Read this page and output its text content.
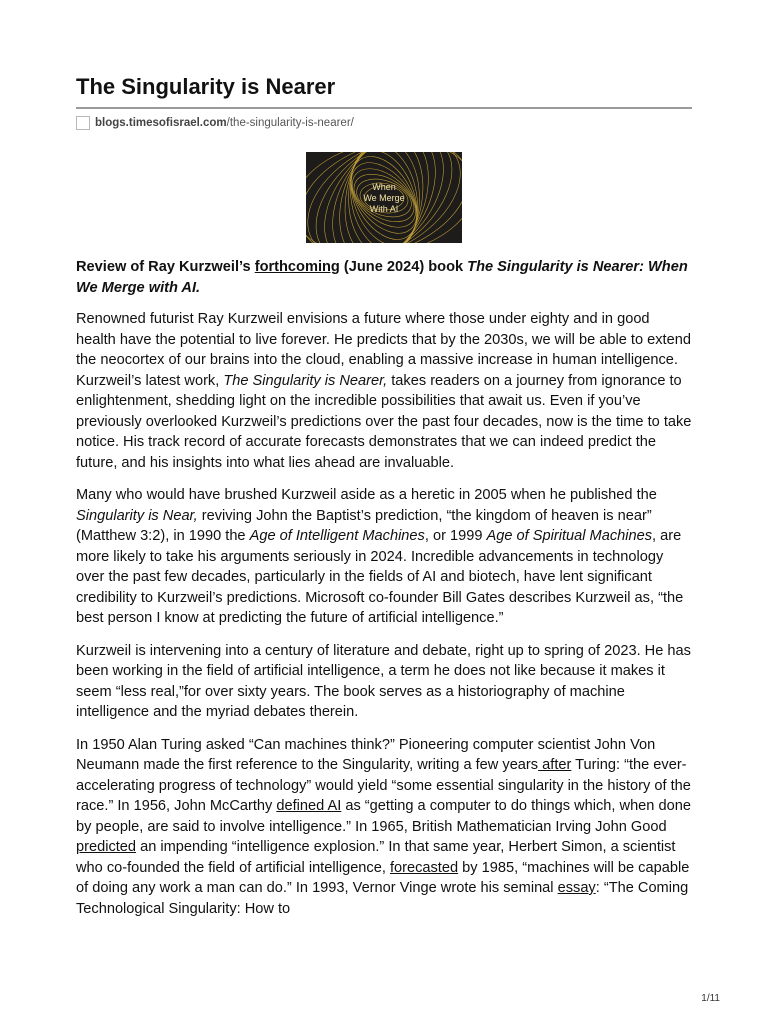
The Singularity is Nearer
blogs.timesofisrael.com /the-singularity-is-nearer/
When
We Merge
With AI

Review of Ray Kurzweil’s forthcoming (June 2024) book The Singularity is Nearer: When We Merge with AI.

Renowned futurist Ray Kurzweil envisions a future where those under eighty and in good health have the potential to live forever. He predicts that by the 2030s, we will be able to extend the neocortex of our brains into the cloud, enabling a massive increase in human intelligence. Kurzweil’s latest work, The Singularity is Nearer, takes readers on a journey from ignorance to enlightenment, shedding light on the incredible possibilities that await us. Even if you’ve previously overlooked Kurzweil’s predictions over the past four decades, now is the time to take notice. His track record of accurate forecasts demonstrates that we can indeed predict the future, and his insights into what lies ahead are invaluable.

Many who would have brushed Kurzweil aside as a heretic in 2005 when he published the Singularity is Near, reviving John the Baptist’s prediction, “the kingdom of heaven is near” (Matthew 3:2), in 1990 the Age of Intelligent Machines, or 1999 Age of Spiritual Machines, are more likely to take his arguments seriously in 2024. Incredible advancements in technology over the past few decades, particularly in the fields of AI and biotech, have lent significant credibility to Kurzweil’s predictions. Microsoft co-founder Bill Gates describes Kurzweil as, “the best person I know at predicting the future of artificial intelligence.”

Kurzweil is intervening into a century of literature and debate, right up to spring of 2023. He has been working in the field of artificial intelligence, a term he does not like because it makes it seem “less real,”for over sixty years. The book serves as a historiography of machine intelligence and the myriad debates therein.

In 1950 Alan Turing asked “Can machines think?” Pioneering computer scientist John Von Neumann made the first reference to the Singularity, writing a few years after Turing: “the ever-accelerating progress of technology” would yield “some essential singularity in the history of the race.” In 1956, John McCarthy defined AI as “getting a computer to do things which, when done by people, are said to involve intelligence.” In 1965, British Mathematician Irving John Good predicted an impending “intelligence explosion.” In that same year, Herbert Simon, a scientist who co-founded the field of artificial intelligence, forecasted by 1985, “machines will be capable of doing any work a man can do.” In 1993, Vernor Vinge wrote his seminal essay: “The Coming Technological Singularity: How to

1/11
